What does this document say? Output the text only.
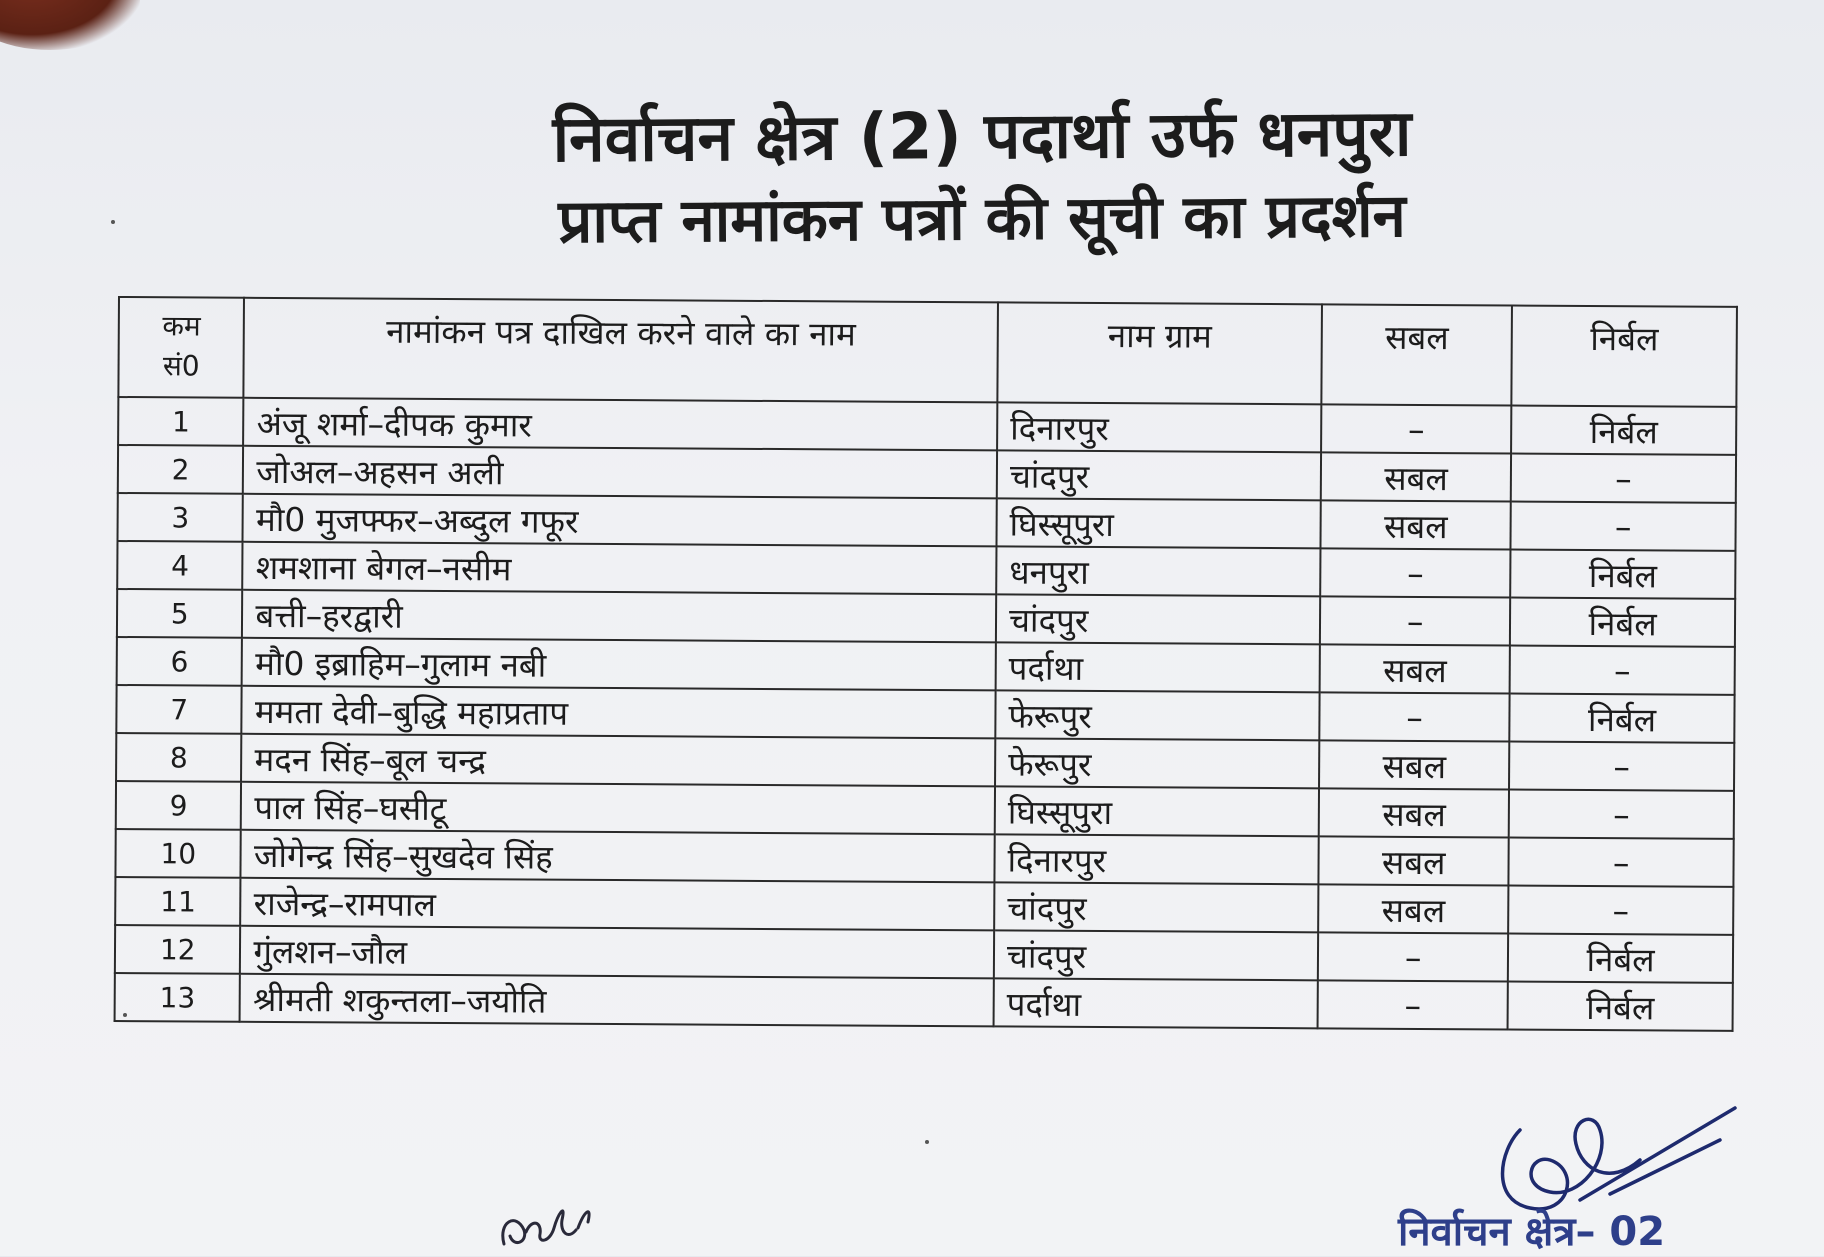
निर्वाचन क्षेत्र (2) पदार्था उर्फ धनपुरा
प्राप्त नामांकन पत्रों की सूची का प्रदर्शन
कम
सं0	नामांकन पत्र दाखिल करने वाले का नाम	नाम ग्राम	सबल	निर्बल
1	अंजू शर्मा–दीपक कुमार	दिनारपुर	–	निर्बल
2	जोअल–अहसन अली	चांदपुर	सबल	–
3	मौ0 मुजफ्फर–अब्दुल गफूर	घिस्सूपुरा	सबल	–
4	शमशाना बेगल–नसीम	धनपुरा	–	निर्बल
5	बत्ती–हरद्वारी	चांदपुर	–	निर्बल
6	मौ0 इब्राहिम–गुलाम नबी	पर्दाथा	सबल	–
7	ममता देवी–बुद्धि महाप्रताप	फेरूपुर	–	निर्बल
8	मदन सिंह–बूल चन्द्र	फेरूपुर	सबल	–
9	पाल सिंह–घसीटू	घिस्सूपुरा	सबल	–
10	जोगेन्द्र सिंह–सुखदेव सिंह	दिनारपुर	सबल	–
11	राजेन्द्र–रामपाल	चांदपुर	सबल	–
12	गुंलशन–जौल	चांदपुर	–	निर्बल
13	श्रीमती शकुन्तला–जयोति	पर्दाथा	–	निर्बल
निर्वाचन क्षेत्र– 02
